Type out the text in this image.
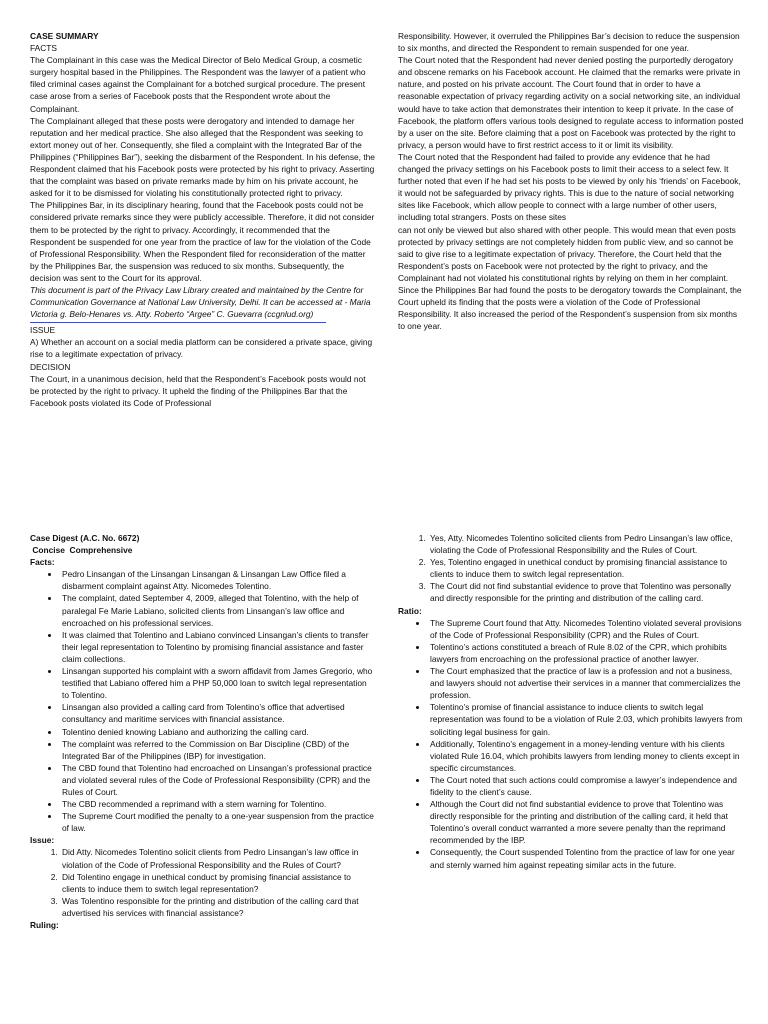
CASE SUMMARY

FACTS

The Complainant in this case was the Medical Director of Belo Medical Group, a cosmetic surgery hospital based in the Philippines. The Respondent was the lawyer of a patient who filed criminal cases against the Complainant for a botched surgical procedure. The present case arose from a series of Facebook posts that the Respondent wrote about the Complainant.

The Complainant alleged that these posts were derogatory and intended to damage her reputation and her medical practice. She also alleged that the Respondent was seeking to extort money out of her. Consequently, she filed a complaint with the Integrated Bar of the Philippines (“Philippines Bar”), seeking the disbarment of the Respondent. In his defense, the Respondent claimed that his Facebook posts were protected by his right to privacy. Asserting that the complaint was based on private remarks made by him on his private account, he asked for it to be dismissed for violating his constitutionally protected right to privacy.

The Philippines Bar, in its disciplinary hearing, found that the Facebook posts could not be considered private remarks since they were publicly accessible. Therefore, it did not consider them to be protected by the right to privacy. Accordingly, it recommended that the Respondent be suspended for one year from the practice of law for the violation of the Code of Professional Responsibility. When the Respondent filed for reconsideration of the matter by the Philippines Bar, the suspension was reduced to six months. Subsequently, the decision was sent to the Court for its approval.

This document is part of the Privacy Law Library created and maintained by the Centre for Communication Governance at National Law University, Delhi. It can be accessed at - Maria Victoria g. Belo-Henares vs. Atty. Roberto “Argee” C. Guevarra (ccgnlud.org)

ISSUE

A) Whether an account on a social media platform can be considered a private space, giving rise to a legitimate expectation of privacy.

DECISION

The Court, in a unanimous decision, held that the Respondent’s Facebook posts would not be protected by the right to privacy. It upheld the finding of the Philippines Bar that the Facebook posts violated its Code of Professional

Responsibility. However, it overruled the Philippines Bar’s decision to reduce the suspension to six months, and directed the Respondent to remain suspended for one year.

The Court noted that the Respondent had never denied posting the purportedly derogatory and obscene remarks on his Facebook account. He claimed that the remarks were private in nature, and posted on his private account. The Court found that in order to have a reasonable expectation of privacy regarding activity on a social networking site, an individual would have to take action that demonstrates their intention to keep it private. In the case of Facebook, the platform offers various tools designed to regulate access to information posted by a user on the site. Before claiming that a post on Facebook was protected by the right to privacy, a person would have to first restrict access to it or limit its visibility.

The Court noted that the Respondent had failed to provide any evidence that he had changed the privacy settings on his Facebook posts to limit their access to a select few. It further noted that even if he had set his posts to be viewed by only his ‘friends’ on Facebook, it would not be safeguarded by privacy rights. This is due to the nature of social networking sites like Facebook, which allow people to connect with a large number of other users, including total strangers. Posts on these sites

can not only be viewed but also shared with other people. This would mean that even posts protected by privacy settings are not completely hidden from public view, and so cannot be said to give rise to a legitimate expectation of privacy. Therefore, the Court held that the Respondent’s posts on Facebook were not protected by the right to privacy, and the Complainant had not violated his constitutional rights by relying on them in her complaint. Since the Philippines Bar had found the posts to be derogatory towards the Complainant, the Court upheld its finding that the posts were a violation of the Code of Professional Responsibility. It also increased the period of the Respondent’s suspension from six months to one year.

Case Digest (A.C. No. 6672)

Concise  Comprehensive

Facts:

• Pedro Linsangan of the Linsangan Linsangan & Linsangan Law Office filed a disbarment complaint against Atty. Nicomedes Tolentino.
• The complaint, dated September 4, 2009, alleged that Tolentino, with the help of paralegal Fe Marie Labiano, solicited clients from Linsangan’s law office and encroached on his professional services.
• It was claimed that Tolentino and Labiano convinced Linsangan’s clients to transfer their legal representation to Tolentino by promising financial assistance and faster claim collections.
• Linsangan supported his complaint with a sworn affidavit from James Gregorio, who testified that Labiano offered him a PHP 50,000 loan to switch legal representation to Tolentino.
• Linsangan also provided a calling card from Tolentino’s office that advertised consultancy and maritime services with financial assistance.
• Tolentino denied knowing Labiano and authorizing the calling card.
• The complaint was referred to the Commission on Bar Discipline (CBD) of the Integrated Bar of the Philippines (IBP) for investigation.
• The CBD found that Tolentino had encroached on Linsangan’s professional practice and violated several rules of the Code of Professional Responsibility (CPR) and the Rules of Court.
• The CBD recommended a reprimand with a stern warning for Tolentino.
• The Supreme Court modified the penalty to a one-year suspension from the practice of law.

Issue:

1. Did Atty. Nicomedes Tolentino solicit clients from Pedro Linsangan’s law office in violation of the Code of Professional Responsibility and the Rules of Court?
2. Did Tolentino engage in unethical conduct by promising financial assistance to clients to induce them to switch legal representation?
3. Was Tolentino responsible for the printing and distribution of the calling card that advertised his services with financial assistance?

Ruling:

1. Yes, Atty. Nicomedes Tolentino solicited clients from Pedro Linsangan’s law office, violating the Code of Professional Responsibility and the Rules of Court.
2. Yes, Tolentino engaged in unethical conduct by promising financial assistance to clients to induce them to switch legal representation.
3. The Court did not find substantial evidence to prove that Tolentino was personally and directly responsible for the printing and distribution of the calling card.

Ratio:

• The Supreme Court found that Atty. Nicomedes Tolentino violated several provisions of the Code of Professional Responsibility (CPR) and the Rules of Court.
• Tolentino’s actions constituted a breach of Rule 8.02 of the CPR, which prohibits lawyers from encroaching on the professional practice of another lawyer.
• The Court emphasized that the practice of law is a profession and not a business, and lawyers should not advertise their services in a manner that commercializes the profession.
• Tolentino’s promise of financial assistance to induce clients to switch legal representation was found to be a violation of Rule 2.03, which prohibits lawyers from soliciting legal business for gain.
• Additionally, Tolentino’s engagement in a money-lending venture with his clients violated Rule 16.04, which prohibits lawyers from lending money to clients except in specific circumstances.
• The Court noted that such actions could compromise a lawyer’s independence and fidelity to the client’s cause.
• Although the Court did not find substantial evidence to prove that Tolentino was directly responsible for the printing and distribution of the calling card, it held that Tolentino’s overall conduct warranted a more severe penalty than the reprimand recommended by the IBP.
• Consequently, the Court suspended Tolentino from the practice of law for one year and sternly warned him against repeating similar acts in the future.
